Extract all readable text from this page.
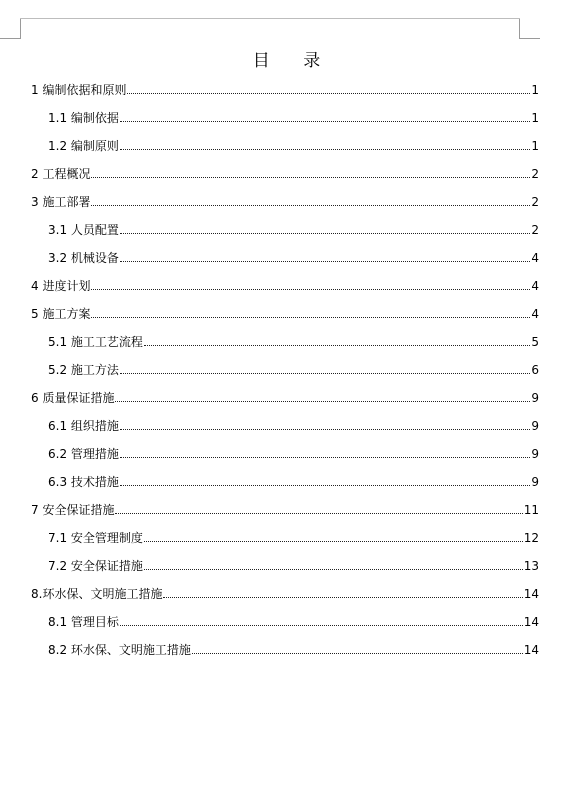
目 录
1 编制依据和原则	1
1.1 编制依据	1
1.2 编制原则	1
2 工程概况	2
3 施工部署	2
3.1 人员配置	2
3.2 机械设备	4
4 进度计划	4
5 施工方案	4
5.1 施工工艺流程	5
5.2 施工方法	6
6 质量保证措施	9
6.1 组织措施	9
6.2 管理措施	9
6.3 技术措施	9
7 安全保证措施	11
7.1 安全管理制度	12
7.2 安全保证措施	13
8.环水保、文明施工措施	14
8.1 管理目标	14
8.2 环水保、文明施工措施	14
